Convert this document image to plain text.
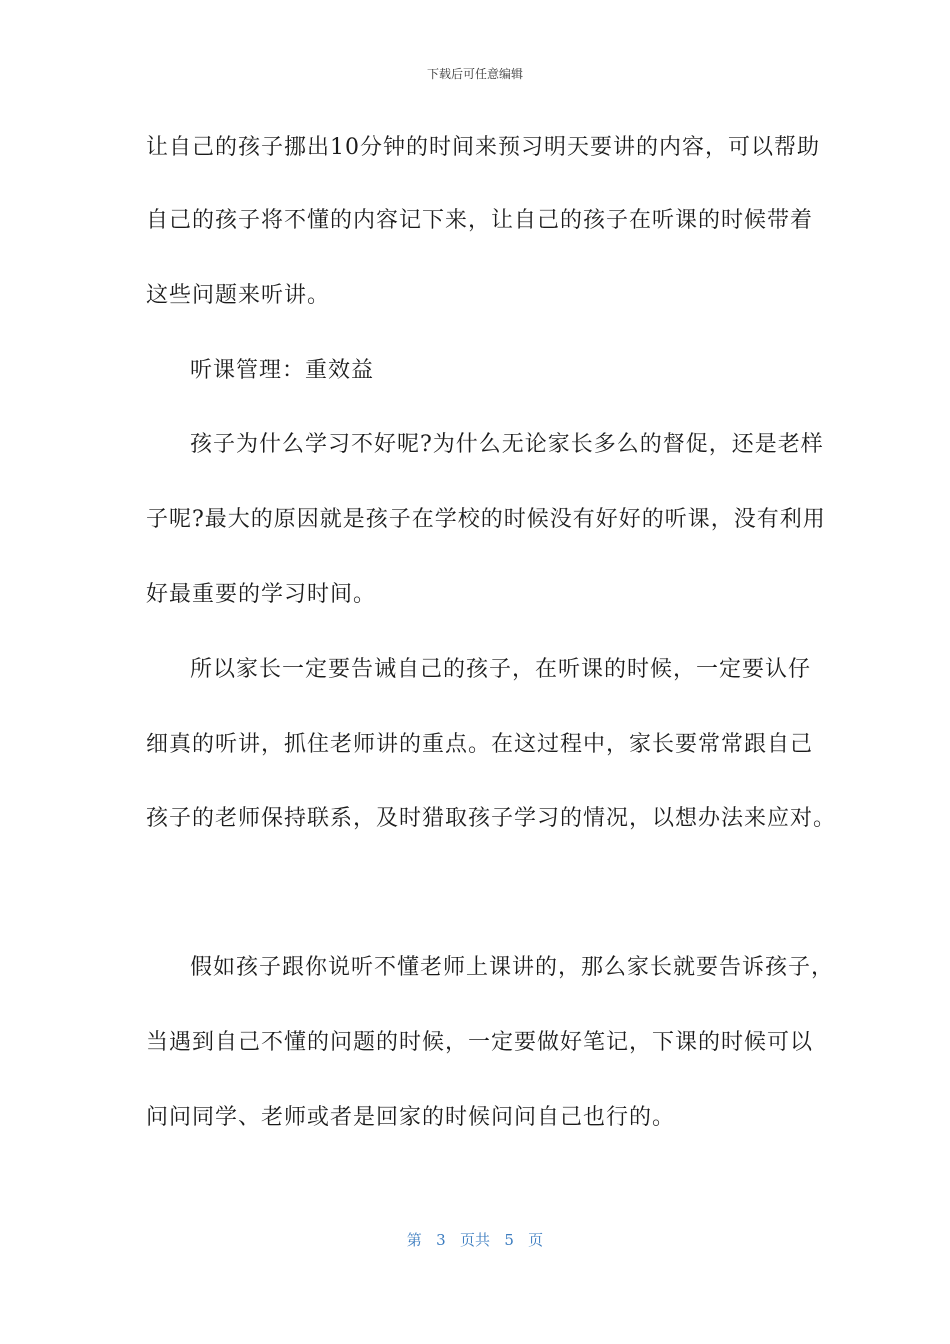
下载后可任意编辑
让自己的孩子挪出10分钟的时间来预习明天要讲的内容，可以帮助
自己的孩子将不懂的内容记下来，让自己的孩子在听课的时候带着
这些问题来听讲。
听课管理：重效益
孩子为什么学习不好呢?为什么无论家长多么的督促，还是老样
子呢?最大的原因就是孩子在学校的时候没有好好的听课，没有利用
好最重要的学习时间。
所以家长一定要告诫自己的孩子，在听课的时候，一定要认仔
细真的听讲，抓住老师讲的重点。在这过程中，家长要常常跟自己
孩子的老师保持联系，及时猎取孩子学习的情况，以想办法来应对。
假如孩子跟你说听不懂老师上课讲的，那么家长就要告诉孩子，
当遇到自己不懂的问题的时候，一定要做好笔记，下课的时候可以
问问同学、老师或者是回家的时候问问自己也行的。
第 3 页共 5 页
